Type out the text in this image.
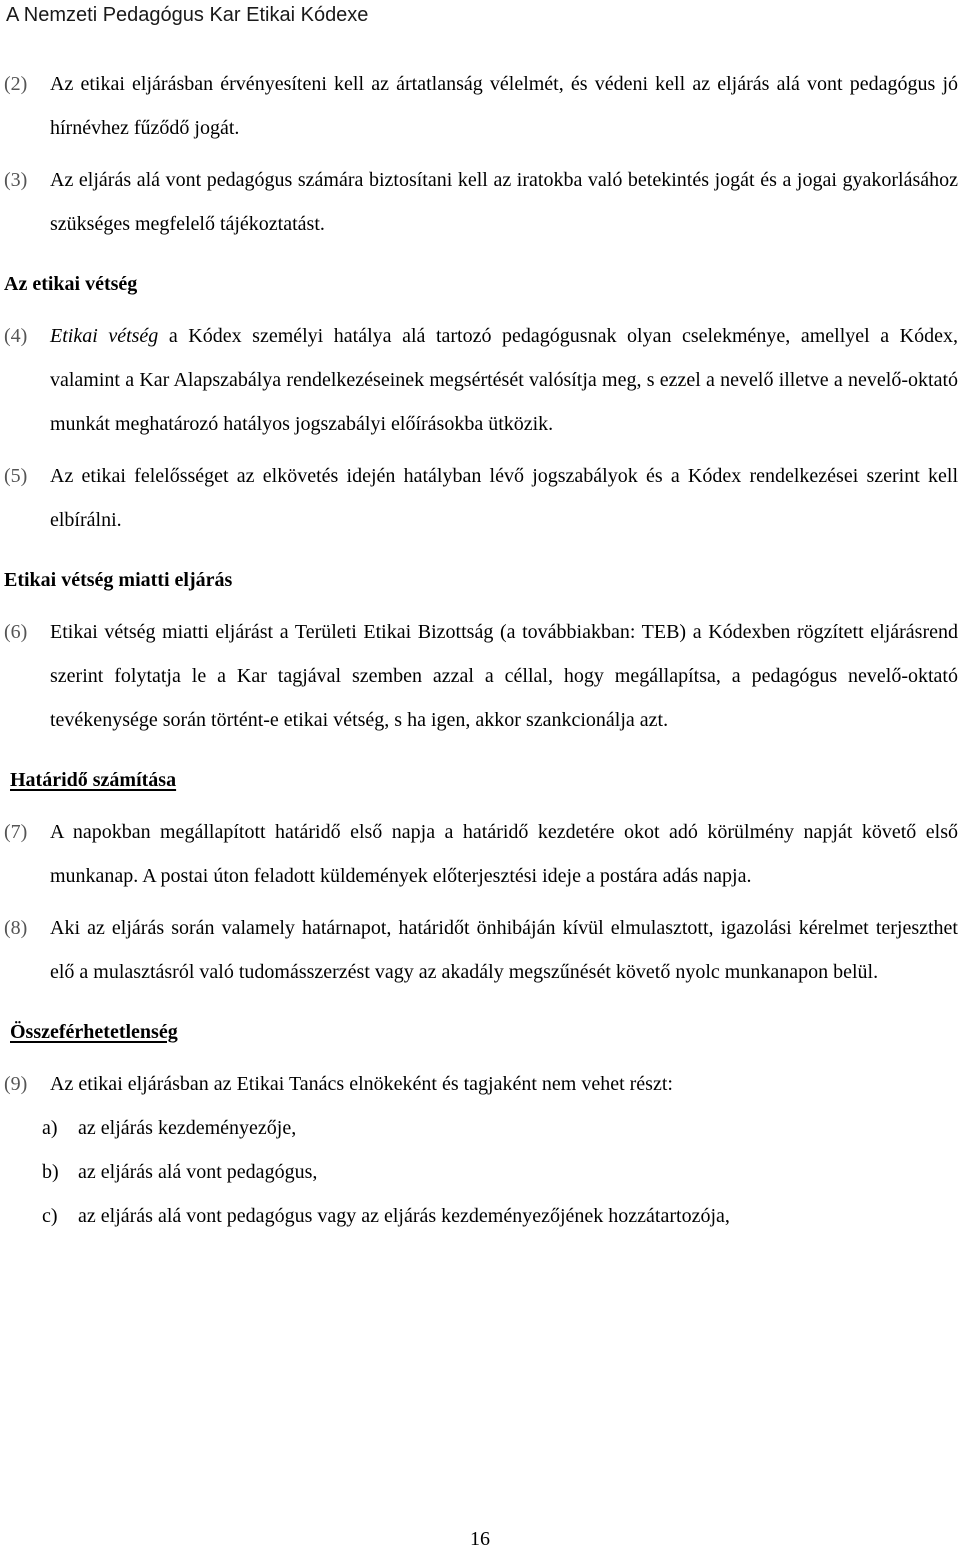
A Nemzeti Pedagógus Kar Etikai Kódexe
(2) Az etikai eljárásban érvényesíteni kell az ártatlanság vélelmét, és védeni kell az eljárás alá vont pedagógus jó hírnévhez fűződő jogát.
(3) Az eljárás alá vont pedagógus számára biztosítani kell az iratokba való betekintés jogát és a jogai gyakorlásához szükséges megfelelő tájékoztatást.
Az etikai vétség
(4) Etikai vétség a Kódex személyi hatálya alá tartozó pedagógusnak olyan cselekménye, amellyel a Kódex, valamint a Kar Alapszabálya rendelkezéseinek megsértését valósítja meg, s ezzel a nevelő illetve a nevelő-oktató munkát meghatározó hatályos jogszabályi előírásokba ütközik.
(5) Az etikai felelősséget az elkövetés idején hatályban lévő jogszabályok és a Kódex rendelkezései szerint kell elbírálni.
Etikai vétség miatti eljárás
(6) Etikai vétség miatti eljárást a Területi Etikai Bizottság (a továbbiakban: TEB) a Kódexben rögzített eljárásrend szerint folytatja le a Kar tagjával szemben azzal a céllal, hogy megállapítsa, a pedagógus nevelő-oktató tevékenysége során történt-e etikai vétség, s ha igen, akkor szankcionálja azt.
Határidő számítása
(7) A napokban megállapított határidő első napja a határidő kezdetére okot adó körülmény napját követő első munkanap. A postai úton feladott küldemények előterjesztési ideje a postára adás napja.
(8) Aki az eljárás során valamely határnapot, határidőt önhibáján kívül elmulasztott, igazolási kérelmet terjeszthet elő a mulasztásról való tudomásszerzést vagy az akadály megszűnését követő nyolc munkanapon belül.
Összeférhetetlenség
(9) Az etikai eljárásban az Etikai Tanács elnökeként és tagjaként nem vehet részt:
a) az eljárás kezdeményezője,
b) az eljárás alá vont pedagógus,
c) az eljárás alá vont pedagógus vagy az eljárás kezdeményezőjének hozzátartozója,
16
